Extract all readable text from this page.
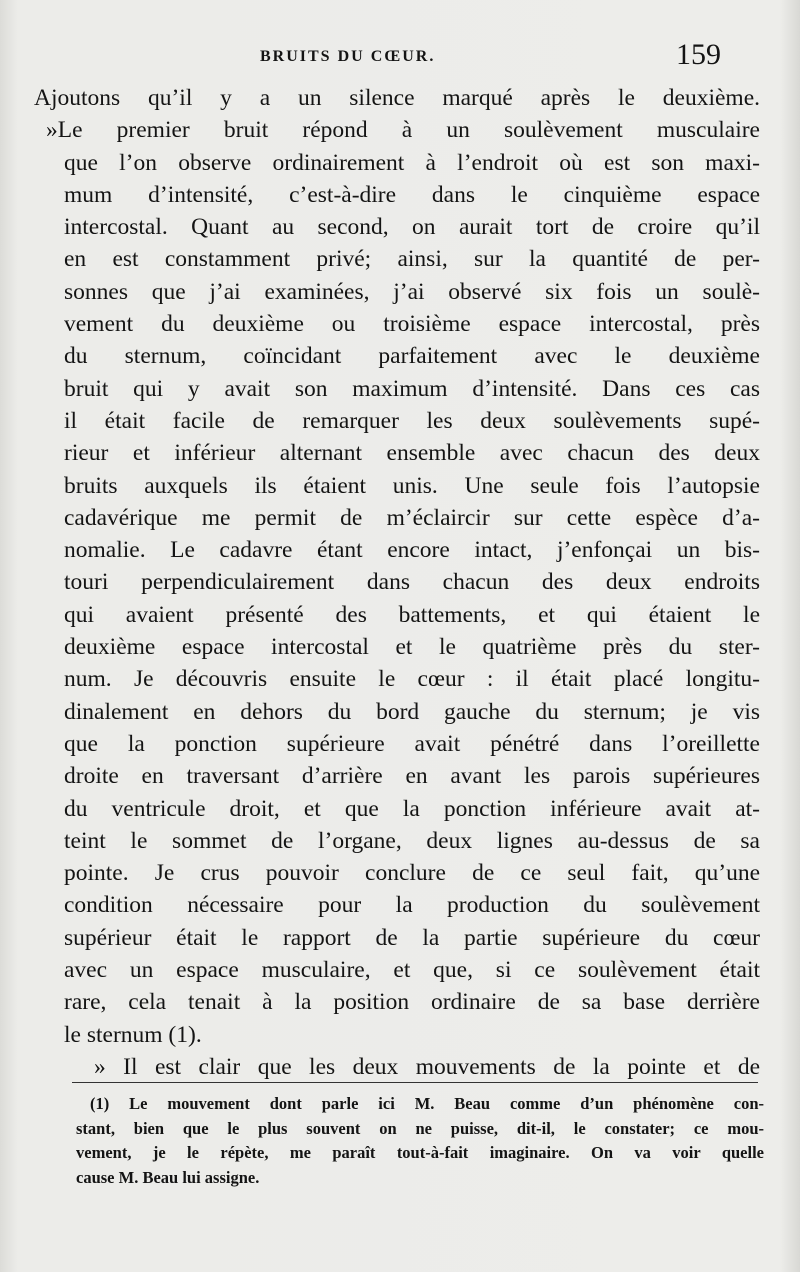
BRUITS DU CŒUR.	159
Ajoutons qu’il y a un silence marqué après le deuxième.
»Le premier bruit répond à un soulèvement musculaire
que l’on observe ordinairement à l’endroit où est son maxi-
mum d’intensité, c’est-à-dire dans le cinquième espace
intercostal. Quant au second, on aurait tort de croire qu’il
en est constamment privé; ainsi, sur la quantité de per-
sonnes que j’ai examinées, j’ai observé six fois un soulè-
vement du deuxième ou troisième espace intercostal, près
du sternum, coïncidant parfaitement avec le deuxième
bruit qui y avait son maximum d’intensité. Dans ces cas
il était facile de remarquer les deux soulèvements supé-
rieur et inférieur alternant ensemble avec chacun des deux
bruits auxquels ils étaient unis. Une seule fois l’autopsie
cadavérique me permit de m’éclaircir sur cette espèce d’a-
nomalie. Le cadavre étant encore intact, j’enfonçai un bis-
touri perpendiculairement dans chacun des deux endroits
qui avaient présenté des battements, et qui étaient le
deuxième espace intercostal et le quatrième près du ster-
num. Je découvris ensuite le cœur : il était placé longitu-
dinalement en dehors du bord gauche du sternum; je vis
que la ponction supérieure avait pénétré dans l’oreillette
droite en traversant d’arrière en avant les parois supérieures
du ventricule droit, et que la ponction inférieure avait at-
teint le sommet de l’organe, deux lignes au-dessus de sa
pointe. Je crus pouvoir conclure de ce seul fait, qu’une
condition nécessaire pour la production du soulèvement
supérieur était le rapport de la partie supérieure du cœur
avec un espace musculaire, et que, si ce soulèvement était
rare, cela tenait à la position ordinaire de sa base derrière
le sternum (1).
» Il est clair que les deux mouvements de la pointe et de
(1) Le mouvement dont parle ici M. Beau comme d’un phénomène con-
stant, bien que le plus souvent on ne puisse, dit-il, le constater; ce mou-
vement, je le répète, me paraît tout-à-fait imaginaire. On va voir quelle
cause M. Beau lui assigne.
